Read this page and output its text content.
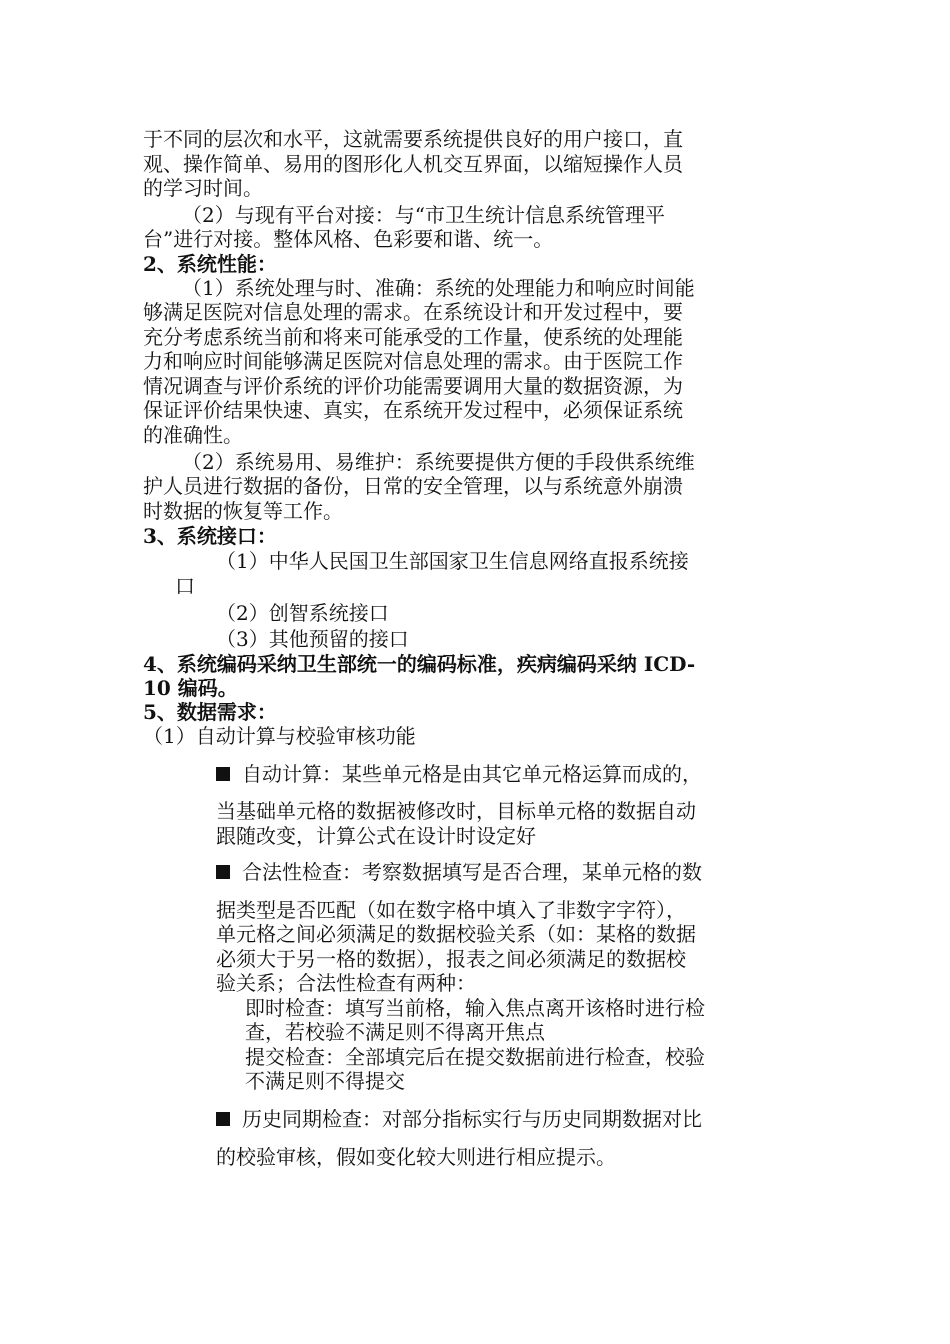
于不同的层次和水平，这就需要系统提供良好的用户接口，直
观、操作简单、易用的图形化人机交互界面，以缩短操作人员
的学习时间。
（2）与现有平台对接：与“市卫生统计信息系统管理平
台”进行对接。整体风格、色彩要和谐、统一。
2、系统性能：
（1）系统处理与时、准确：系统的处理能力和响应时间能
够满足医院对信息处理的需求。在系统设计和开发过程中，要
充分考虑系统当前和将来可能承受的工作量，使系统的处理能
力和响应时间能够满足医院对信息处理的需求。由于医院工作
情况调查与评价系统的评价功能需要调用大量的数据资源，为
保证评价结果快速、真实，在系统开发过程中，必须保证系统
的准确性。
（2）系统易用、易维护：系统要提供方便的手段供系统维
护人员进行数据的备份，日常的安全管理，以与系统意外崩溃
时数据的恢复等工作。
3、系统接口：
（1）中华人民国卫生部国家卫生信息网络直报系统接
口
（2）创智系统接口
（3）其他预留的接口
4、系统编码采纳卫生部统一的编码标准，疾病编码采纳 ICD-
10 编码。
5、数据需求：
（1）自动计算与校验审核功能
自动计算：某些单元格是由其它单元格运算而成的，
当基础单元格的数据被修改时，目标单元格的数据自动
跟随改变，计算公式在设计时设定好
合法性检查：考察数据填写是否合理，某单元格的数
据类型是否匹配（如在数字格中填入了非数字字符），
单元格之间必须满足的数据校验关系（如：某格的数据
必须大于另一格的数据），报表之间必须满足的数据校
验关系；合法性检查有两种：
即时检查：填写当前格，输入焦点离开该格时进行检
查，若校验不满足则不得离开焦点
提交检查：全部填完后在提交数据前进行检查，校验
不满足则不得提交
历史同期检查：对部分指标实行与历史同期数据对比
的校验审核，假如变化较大则进行相应提示。
